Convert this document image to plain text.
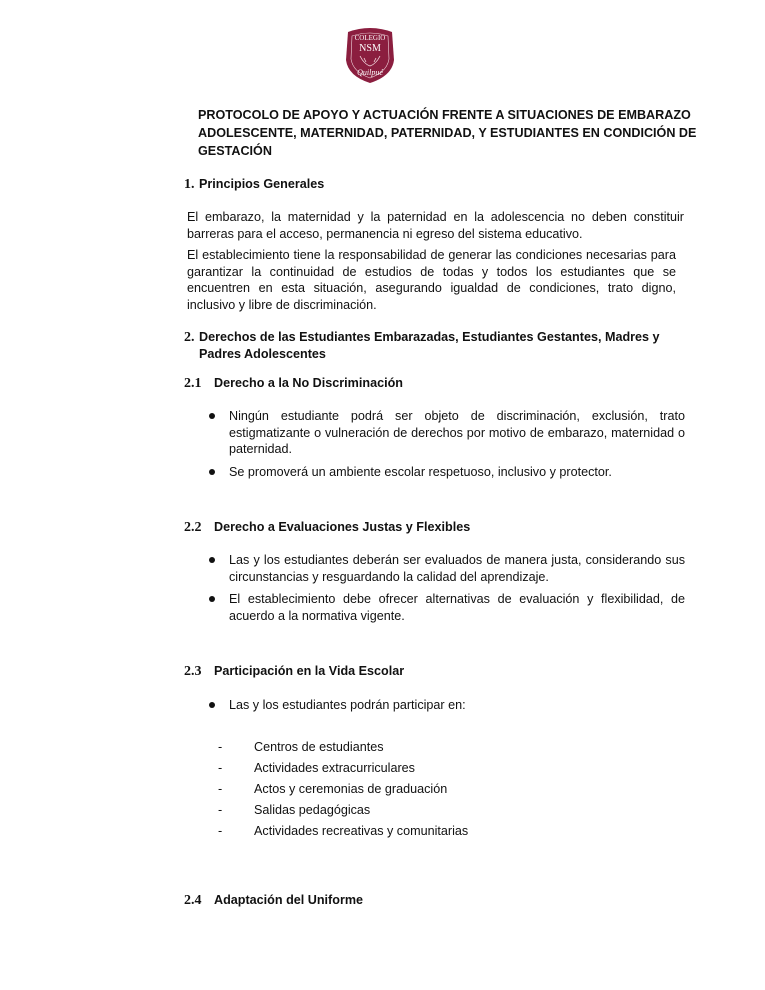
COLEGIO
NSM
Quilpué
PROTOCOLO DE APOYO Y ACTUACIÓN FRENTE A SITUACIONES DE EMBARAZO ADOLESCENTE, MATERNIDAD, PATERNIDAD, Y ESTUDIANTES EN CONDICIÓN DE GESTACIÓN
1. Principios Generales

El embarazo, la maternidad y la paternidad en la adolescencia no deben constituir barreras para el acceso, permanencia ni egreso del sistema educativo.

El establecimiento tiene la responsabilidad de generar las condiciones necesarias para garantizar la continuidad de estudios de todas y todos los estudiantes que se encuentren en esta situación, asegurando igualdad de condiciones, trato digno, inclusivo y libre de discriminación.

2. Derechos de las Estudiantes Embarazadas, Estudiantes Gestantes, Madres y Padres Adolescentes
2.1 Derecho a la No Discriminación
Ningún estudiante podrá ser objeto de discriminación, exclusión, trato estigmatizante o vulneración de derechos por motivo de embarazo, maternidad o paternidad.
Se promoverá un ambiente escolar respetuoso, inclusivo y protector.
2.2 Derecho a Evaluaciones Justas y Flexibles
Las y los estudiantes deberán ser evaluados de manera justa, considerando sus circunstancias y resguardando la calidad del aprendizaje.
El establecimiento debe ofrecer alternativas de evaluación y flexibilidad, de acuerdo a la normativa vigente.
2.3 Participación en la Vida Escolar
Las y los estudiantes podrán participar en:
- Centros de estudiantes
- Actividades extracurriculares
- Actos y ceremonias de graduación
- Salidas pedagógicas
- Actividades recreativas y comunitarias
2.4 Adaptación del Uniforme
